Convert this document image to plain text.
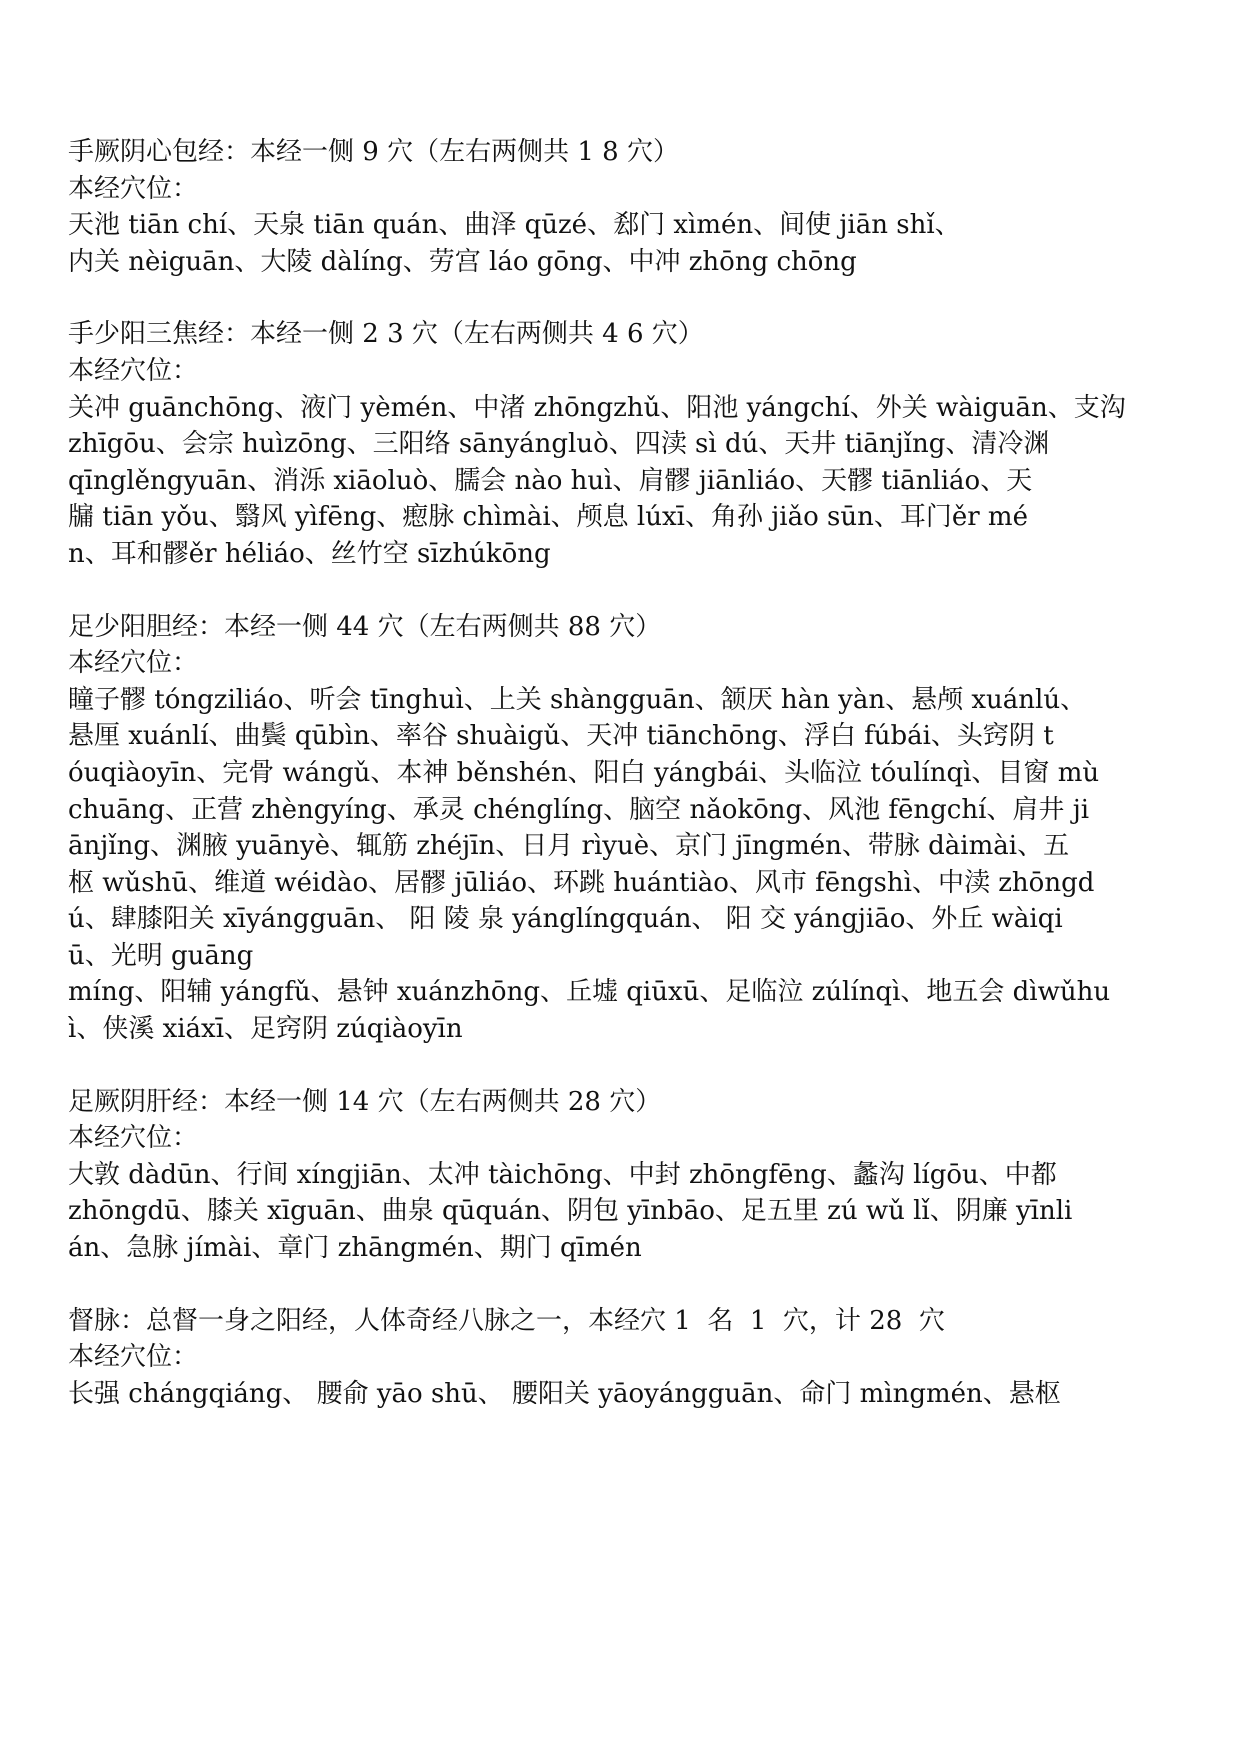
手厥阴心包经：本经一侧 9 穴（左右两侧共 1 8 穴）
本经穴位：
天池 tiān chí、天泉 tiān quán、曲泽 qūzé、郄门 xìmén、间使 jiān shǐ、
内关 nèiguān、大陵 dàlíng、劳宫 láo gōng、中冲 zhōng chōng
手少阳三焦经：本经一侧 2 3 穴（左右两侧共 4 6 穴）
本经穴位：
关冲 guānchōng、液门 yèmén、中渚 zhōngzhǔ、阳池 yángchí、外关 wàiguān、支沟
zhīgōu、会宗 huìzōng、三阳络 sānyángluò、四渎 sì dú、天井 tiānjǐng、清冷渊
qīnglěngyuān、消泺 xiāoluò、臑会 nào huì、肩髎 jiānliáo、天髎 tiānliáo、天
牖 tiān yǒu、翳风 yìfēng、瘛脉 chìmài、颅息 lúxī、角孙 jiǎo sūn、耳门ěr mé
n、耳和髎ěr héliáo、丝竹空 sīzhúkōng
足少阳胆经：本经一侧 44 穴（左右两侧共 88 穴）
本经穴位：
瞳子髎 tóngziliáo、听会 tīnghuì、上关 shàngguān、颔厌 hàn yàn、悬颅 xuánlú、
悬厘 xuánlí、曲鬓 qūbìn、率谷 shuàigǔ、天冲 tiānchōng、浮白 fúbái、头窍阴 t
óuqiàoyīn、完骨 wángǔ、本神 běnshén、阳白 yángbái、头临泣 tóulínqì、目窗 mù
chuāng、正营 zhèngyíng、承灵 chénglíng、脑空 nǎokōng、风池 fēngchí、肩井 ji
ānjǐng、渊腋 yuānyè、辄筋 zhéjīn、日月 rìyuè、京门 jīngmén、带脉 dàimài、五
枢 wǔshū、维道 wéidào、居髎 jūliáo、环跳 huántiào、风市 fēngshì、中渎 zhōngd
ú、肆膝阳关 xīyángguān、 阳 陵 泉 yánglíngquán、 阳 交 yángjiāo、外丘 wàiqi
ū、光明 guāng
míng、阳辅 yángfǔ、悬钟 xuánzhōng、丘墟 qiūxū、足临泣 zúlínqì、地五会 dìwǔhu
ì、侠溪 xiáxī、足窍阴 zúqiàoyīn
足厥阴肝经：本经一侧 14 穴（左右两侧共 28 穴）
本经穴位：
大敦 dàdūn、行间 xíngjiān、太冲 tàichōng、中封 zhōngfēng、蠡沟 lígōu、中都
zhōngdū、膝关 xīguān、曲泉 qūquán、阴包 yīnbāo、足五里 zú wǔ lǐ、阴廉 yīnli
án、急脉 jímài、章门 zhāngmén、期门 qīmén
督脉：总督一身之阳经，人体奇经八脉之一，本经穴 1  名  1  穴，计 28  穴
本经穴位：
长强 chángqiáng、 腰俞 yāo shū、 腰阳关 yāoyángguān、命门 mìngmén、悬枢
